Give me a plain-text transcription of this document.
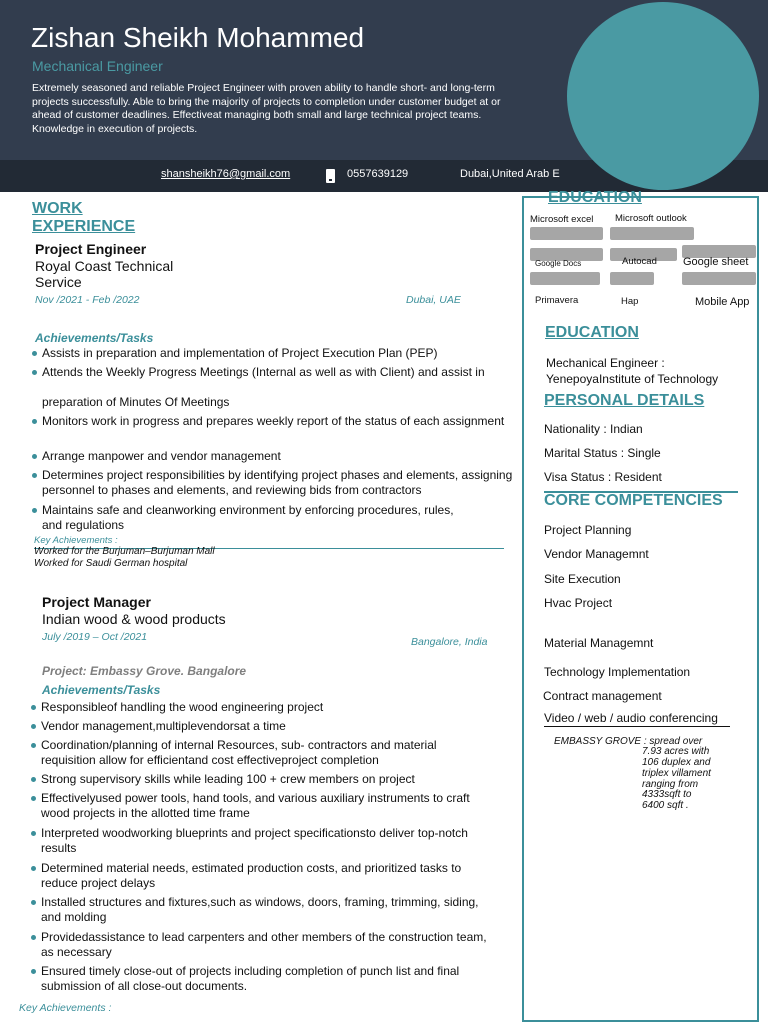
Zishan Sheikh Mohammed
Mechanical Engineer
Extremely seasoned and reliable Project Engineer with proven ability to handle short- and long-term
projects successfully. Able to bring the majority of projects to completion under customer budget at or
ahead of customer deadlines. Effectiveat managing both small and large technical project teams.
Knowledge in execution of projects.
shansheikh76@gmail.com	0557639129	Dubai,United Arab E
WORK
EXPERIENCE
Project Engineer
Royal Coast Technical
Service
Nov /2021 - Feb /2022	Dubai, UAE
Achievements/Tasks
Assists in preparation and implementation of Project Execution Plan (PEP)
Attends the Weekly Progress Meetings (Internal as well as with Client) and assist in
preparation of Minutes Of Meetings
Monitors work in progress and prepares weekly report of the status of each assignment
Arrange manpower and vendor management
Determines project responsibilities by identifying project phases and elements, assigning personnel to phases and elements, and reviewing bids from contractors
Maintains safe and cleanworking environment by enforcing procedures, rules, and regulations
Key Achievements :
Worked for the Burjuman–Burjuman Mall
Worked for Saudi German hospital
Project Manager
Indian wood & wood products
July /2019 – Oct /2021	Bangalore, India
Project: Embassy Grove. Bangalore
Achievements/Tasks
Responsibleof handling the wood engineering project
Vendor management,multiplevendorsat a time
Coordination/planning of internal Resources, sub- contractors and material requisition allow for efficientand cost effectiveproject completion
Strong supervisory skills while leading 100 + crew members on project
Effectivelyused power tools, hand tools, and various auxiliary instruments to craft wood projects in the allotted time frame
Interpreted woodworking blueprints and project specificationsto deliver top-notch results
Determined material needs, estimated production costs, and prioritized tasks to reduce project delays
Installed structures and fixtures,such as windows, doors, framing, trimming, siding, and molding
Providedassistance to lead carpenters and other members of the construction team, as necessary
Ensured timely close-out of projects including completion of punch list and final submission of all close-out documents.
Key Achievements :
EDUCATION
Microsoft excel Microsoft outlook
Google Docs	Autocad Google sheet
Primavera	Hap	Mobile App
EDUCATION
Mechanical Engineer :
YenepoyaInstitute of Technology
PERSONAL DETAILS
Nationality : Indian
Marital Status : Single
Visa Status : Resident
CORE COMPETENCIES
Project Planning
Vendor Managemnt
Site Execution
Hvac Project
Material Managemnt
Technology Implementation
Contract management
Video / web / audio conferencing
EMBASSY GROVE : spread over
7.93 acres with
106 duplex and
triplex villament
ranging from
4333sqft to
6400 sqft .
